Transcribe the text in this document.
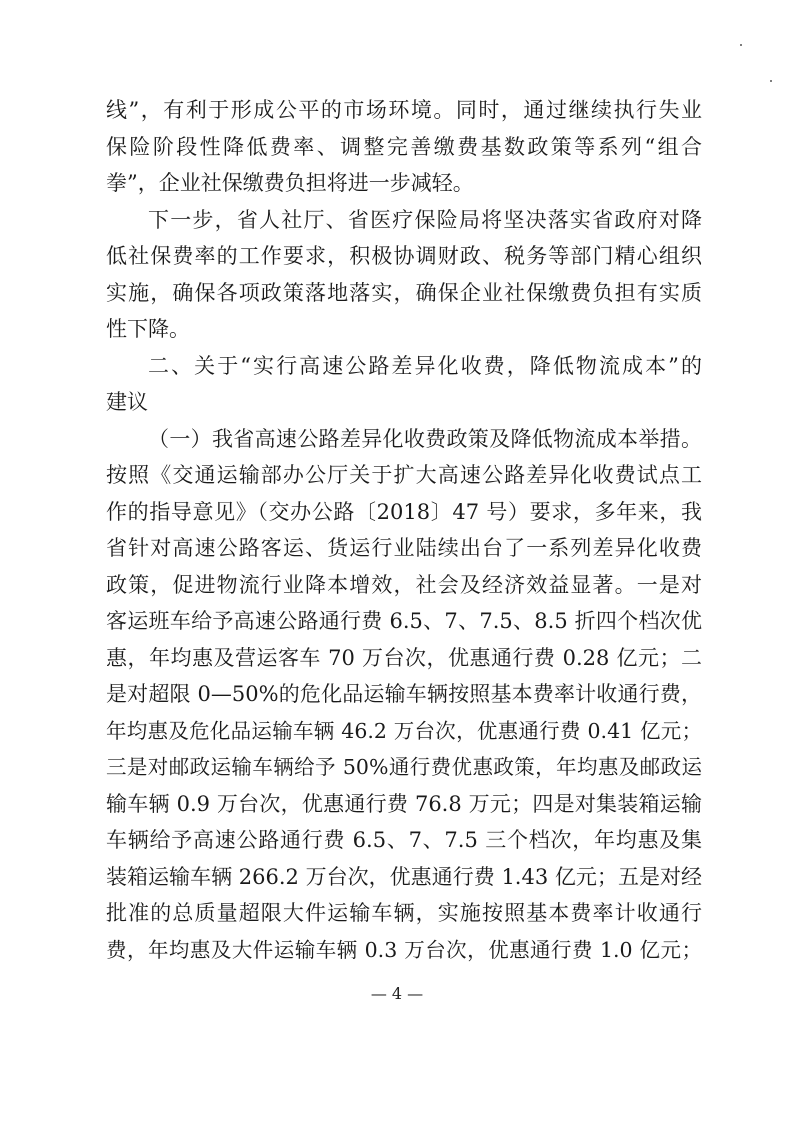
线”，有利于形成公平的市场环境。同时，通过继续执行失业
保险阶段性降低费率、调整完善缴费基数政策等系列“组合
拳”，企业社保缴费负担将进一步减轻。

下一步，省人社厅、省医疗保险局将坚决落实省政府对降
低社保费率的工作要求，积极协调财政、税务等部门精心组织
实施，确保各项政策落地落实，确保企业社保缴费负担有实质
性下降。

二、关于“实行高速公路差异化收费，降低物流成本”的
建议

（一）我省高速公路差异化收费政策及降低物流成本举措。
按照《交通运输部办公厅关于扩大高速公路差异化收费试点工
作的指导意见》（交办公路〔2018〕47 号）要求，多年来，我
省针对高速公路客运、货运行业陆续出台了一系列差异化收费
政策，促进物流行业降本增效，社会及经济效益显著。一是对
客运班车给予高速公路通行费 6.5、7、7.5、8.5 折四个档次优
惠，年均惠及营运客车 70 万台次，优惠通行费 0.28 亿元；二
是对超限 0—50%的危化品运输车辆按照基本费率计收通行费，
年均惠及危化品运输车辆 46.2 万台次，优惠通行费 0.41 亿元；
三是对邮政运输车辆给予 50%通行费优惠政策，年均惠及邮政运
输车辆 0.9 万台次，优惠通行费 76.8 万元；四是对集装箱运输
车辆给予高速公路通行费 6.5、7、7.5 三个档次，年均惠及集
装箱运输车辆 266.2 万台次，优惠通行费 1.43 亿元；五是对经
批准的总质量超限大件运输车辆，实施按照基本费率计收通行
费，年均惠及大件运输车辆 0.3 万台次，优惠通行费 1.0 亿元；

— 4 —
